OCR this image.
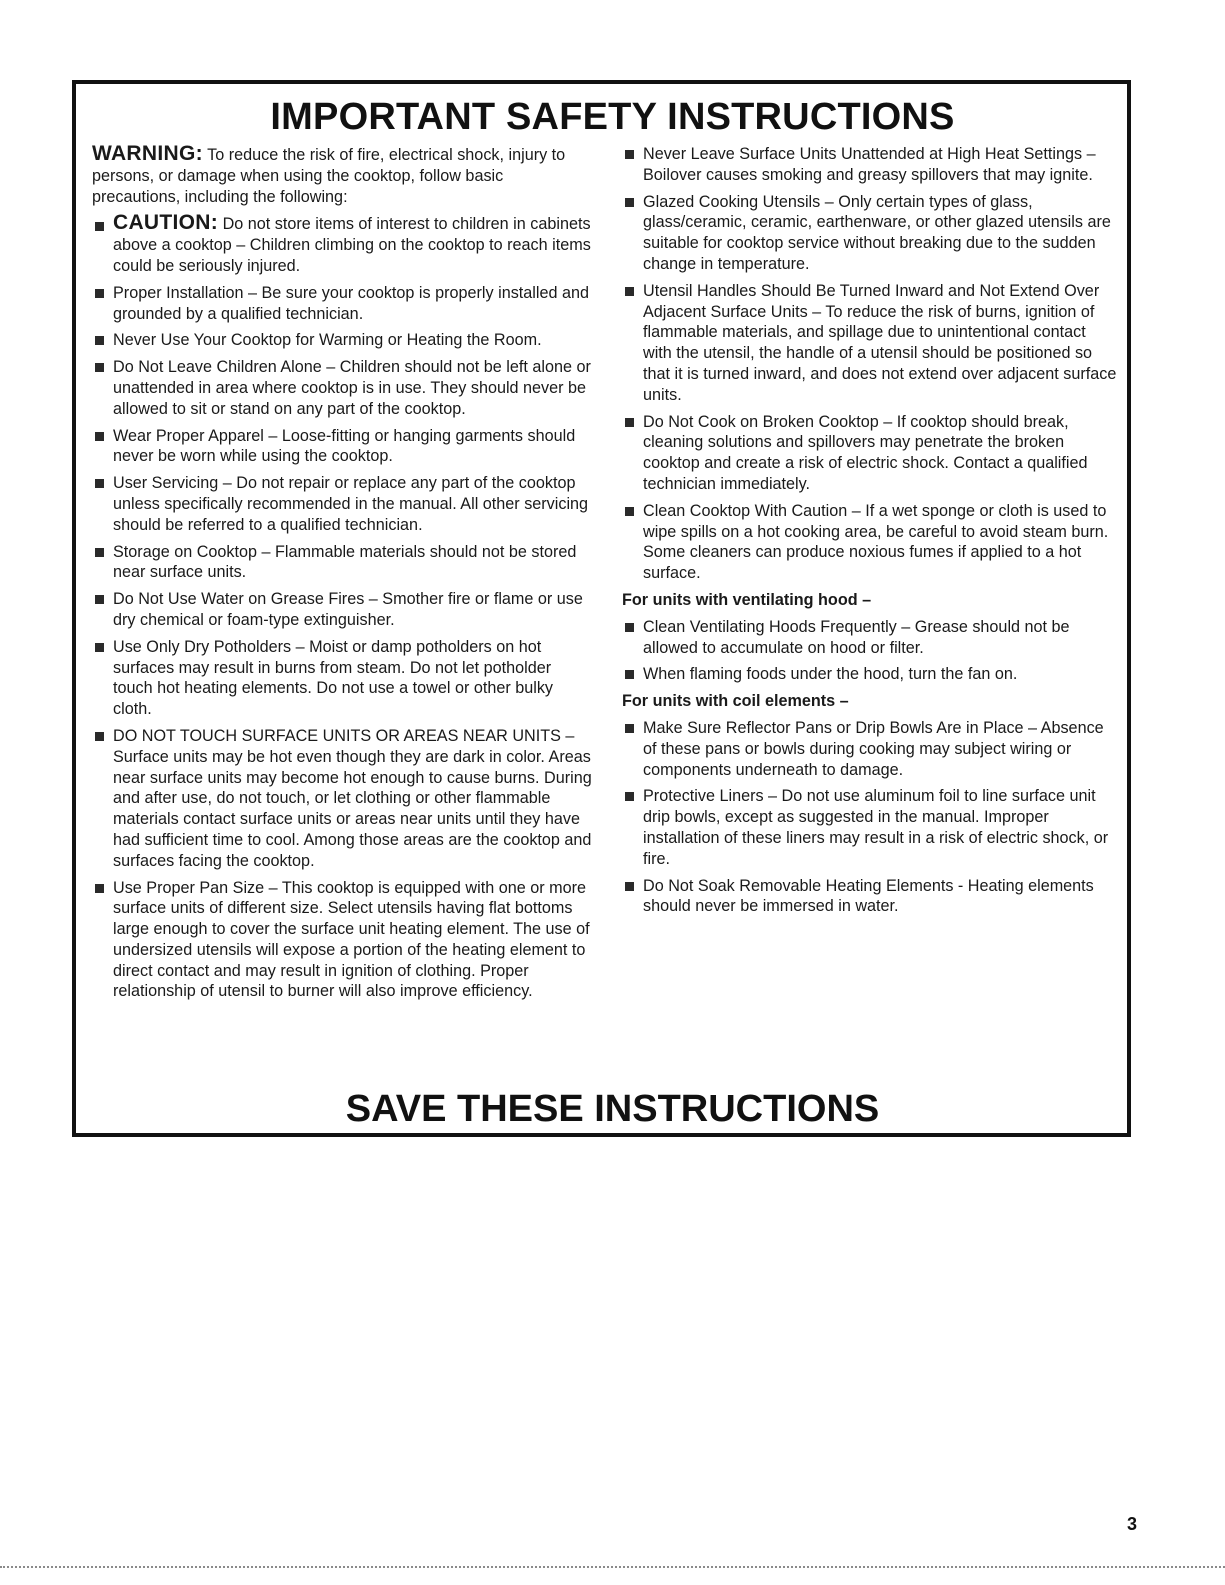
IMPORTANT SAFETY INSTRUCTIONS

WARNING: To reduce the risk of fire, electrical shock, injury to persons, or damage when using the cooktop, follow basic precautions, including the following:

CAUTION: Do not store items of interest to children in cabinets above a cooktop – Children climbing on the cooktop to reach items could be seriously injured.
Proper Installation – Be sure your cooktop is properly installed and grounded by a qualified technician.
Never Use Your Cooktop for Warming or Heating the Room.
Do Not Leave Children Alone – Children should not be left alone or unattended in area where cooktop is in use. They should never be allowed to sit or stand on any part of the cooktop.
Wear Proper Apparel – Loose-fitting or hanging garments should never be worn while using the cooktop.
User Servicing – Do not repair or replace any part of the cooktop unless specifically recommended in the manual. All other servicing should be referred to a qualified technician.
Storage on Cooktop – Flammable materials should not be stored near surface units.
Do Not Use Water on Grease Fires – Smother fire or flame or use dry chemical or foam-type extinguisher.
Use Only Dry Potholders – Moist or damp potholders on hot surfaces may result in burns from steam. Do not let potholder touch hot heating elements. Do not use a towel or other bulky cloth.
DO NOT TOUCH SURFACE UNITS OR AREAS NEAR UNITS – Surface units may be hot even though they are dark in color. Areas near surface units may become hot enough to cause burns. During and after use, do not touch, or let clothing or other flammable materials contact surface units or areas near units until they have had sufficient time to cool. Among those areas are the cooktop and surfaces facing the cooktop.
Use Proper Pan Size – This cooktop is equipped with one or more surface units of different size. Select utensils having flat bottoms large enough to cover the surface unit heating element. The use of undersized utensils will expose a portion of the heating element to direct contact and may result in ignition of clothing. Proper relationship of utensil to burner will also improve efficiency.
Never Leave Surface Units Unattended at High Heat Settings – Boilover causes smoking and greasy spillovers that may ignite.
Glazed Cooking Utensils – Only certain types of glass, glass/ceramic, ceramic, earthenware, or other glazed utensils are suitable for cooktop service without breaking due to the sudden change in temperature.
Utensil Handles Should Be Turned Inward and Not Extend Over Adjacent Surface Units – To reduce the risk of burns, ignition of flammable materials, and spillage due to unintentional contact with the utensil, the handle of a utensil should be positioned so that it is turned inward, and does not extend over adjacent surface units.
Do Not Cook on Broken Cooktop – If cooktop should break, cleaning solutions and spillovers may penetrate the broken cooktop and create a risk of electric shock. Contact a qualified technician immediately.
Clean Cooktop With Caution – If a wet sponge or cloth is used to wipe spills on a hot cooking area, be careful to avoid steam burn. Some cleaners can produce noxious fumes if applied to a hot surface.

For units with ventilating hood –

Clean Ventilating Hoods Frequently – Grease should not be allowed to accumulate on hood or filter.
When flaming foods under the hood, turn the fan on.

For units with coil elements –

Make Sure Reflector Pans or Drip Bowls Are in Place – Absence of these pans or bowls during cooking may subject wiring or components underneath to damage.
Protective Liners – Do not use aluminum foil to line surface unit drip bowls, except as suggested in the manual. Improper installation of these liners may result in a risk of electric shock, or fire.
Do Not Soak Removable Heating Elements - Heating elements should never be immersed in water.
SAVE THESE INSTRUCTIONS
3
